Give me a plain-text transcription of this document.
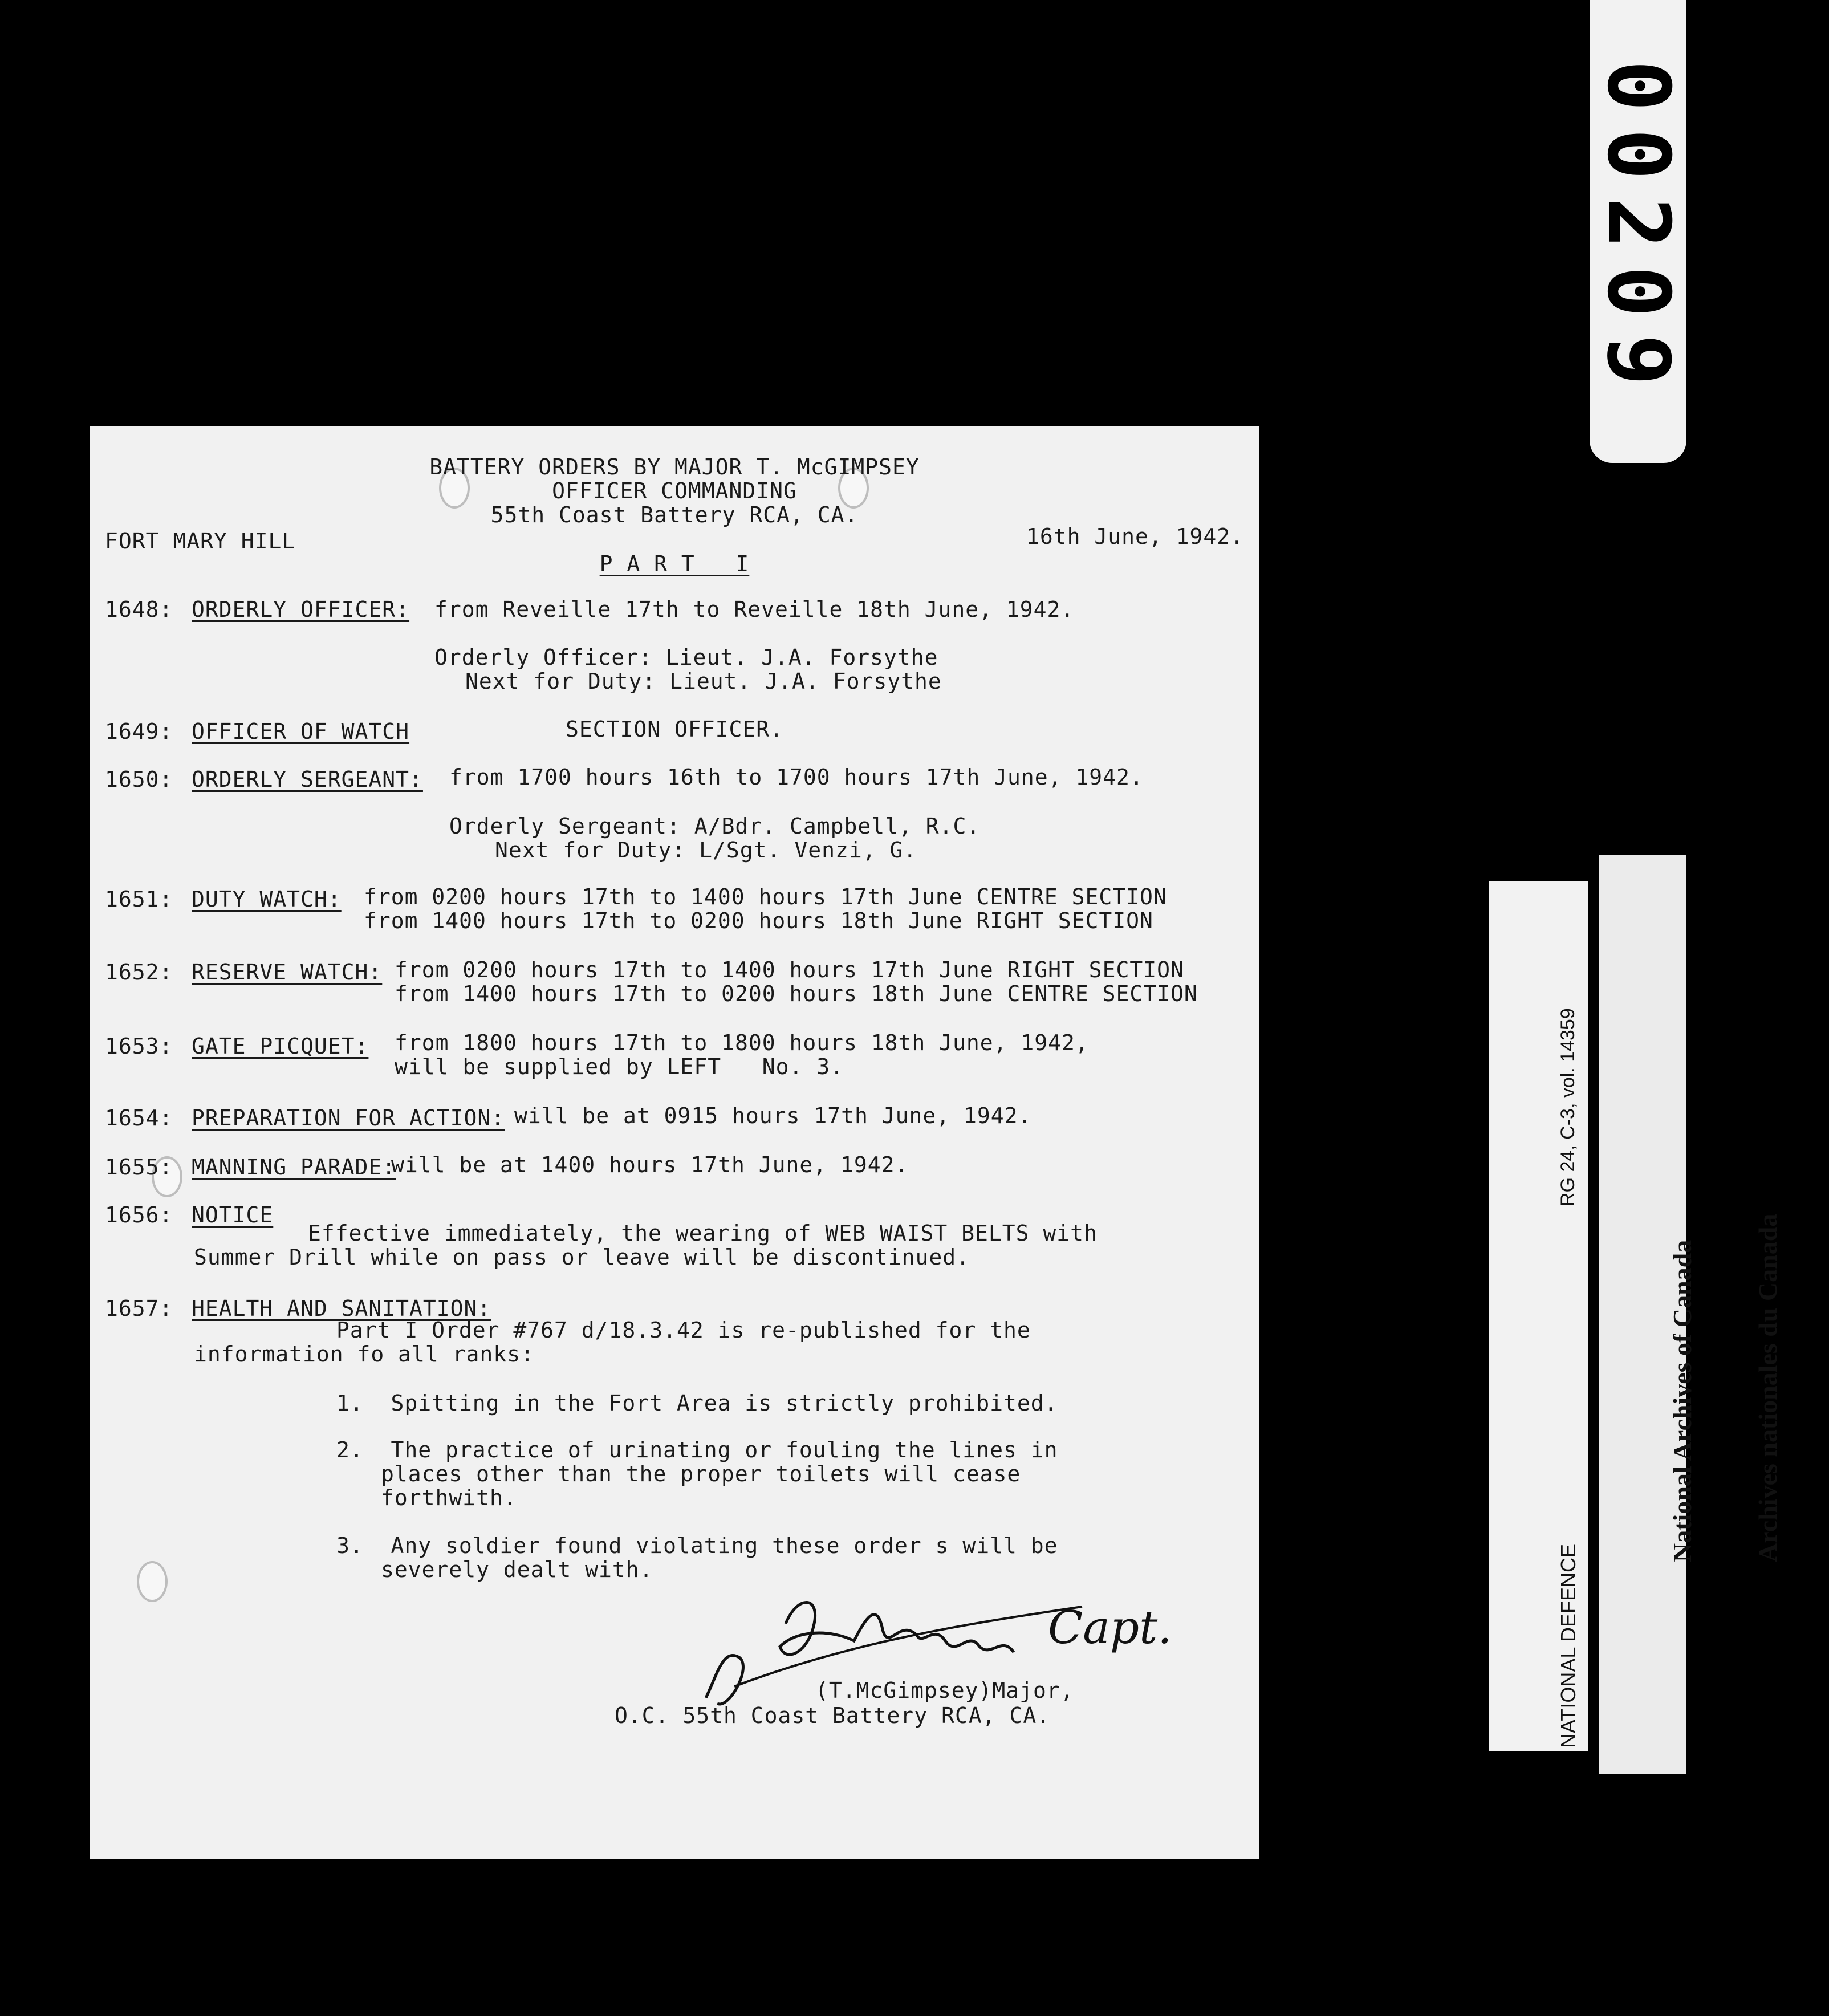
BATTERY ORDERS BY MAJOR T. McGIMPSEY
OFFICER COMMANDING
55th Coast Battery RCA, CA.
FORT MARY HILL	16th June, 1942.
P A R T   I
1648: ORDERLY OFFICER: from Reveille 17th to Reveille 18th June, 1942.
Orderly Officer: Lieut. J.A. Forsythe
Next for Duty: Lieut. J.A. Forsythe
1649: OFFICER OF WATCH	SECTION OFFICER.
1650: ORDERLY SERGEANT: from 1700 hours 16th to 1700 hours 17th June, 1942.
Orderly Sergeant: A/Bdr. Campbell, R.C.
Next for Duty: L/Sgt. Venzi, G.
1651: DUTY WATCH: from 0200 hours 17th to 1400 hours 17th June CENTRE SECTION
from 1400 hours 17th to 0200 hours 18th June RIGHT SECTION
1652: RESERVE WATCH: from 0200 hours 17th to 1400 hours 17th June RIGHT SECTION
from 1400 hours 17th to 0200 hours 18th June CENTRE SECTION
1653: GATE PICQUET: from 1800 hours 17th to 1800 hours 18th June, 1942,
will be supplied by LEFT   No. 3.
1654: PREPARATION FOR ACTION: will be at 0915 hours 17th June, 1942.
1655: MANNING PARADE:
will be at 1400 hours 17th June, 1942.
1656: NOTICE
Effective immediately, the wearing of WEB WAIST BELTS with
Summer Drill while on pass or leave will be discontinued.
1657: HEALTH AND SANITATION:
Part I Order #767 d/18.3.42 is re-published for the
information fo all ranks:
1.  Spitting in the Fort Area is strictly prohibited.
2.  The practice of urinating or fouling the lines in
places other than the proper toilets will cease
forthwith.
3.  Any soldier found violating these order s will be
severely dealt with.
Capt.
(T.McGimpsey)Major,
O.C. 55th Coast Battery RCA, CA.
00209

NATIONAL DEFENCE

RG 24, C-3, vol. 14359

National Archives of Canada

Archives nationales du Canada
